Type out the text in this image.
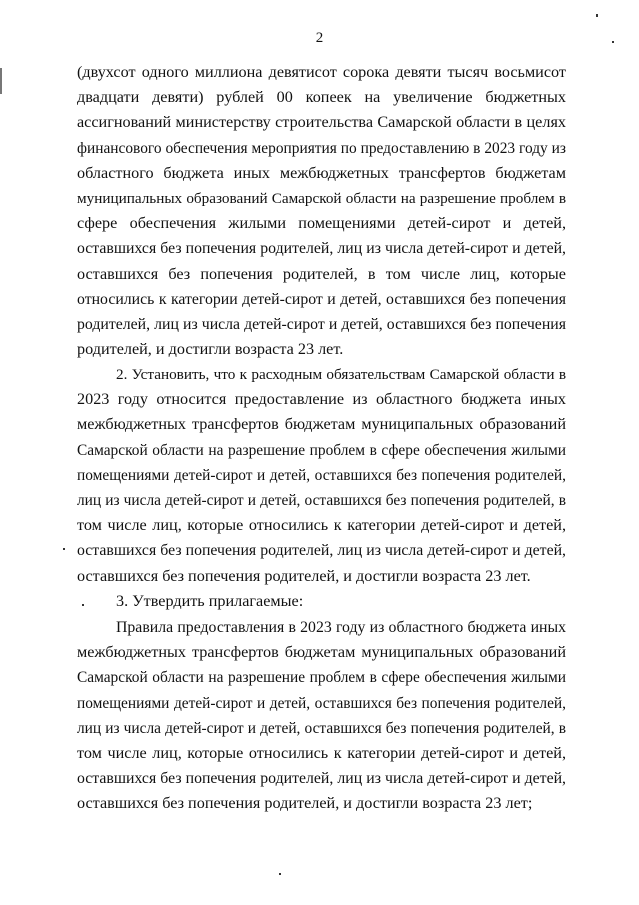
2
(двухсот одного миллиона девятисот сорока девяти тысяч восьмисот
двадцати девяти) рублей 00 копеек на увеличение бюджетных
ассигнований министерству строительства Самарской области в целях
финансового обеспечения мероприятия по предоставлению в 2023 году из
областного бюджета иных межбюджетных трансфертов бюджетам
муниципальных образований Самарской области на разрешение проблем в
сфере обеспечения жилыми помещениями детей-сирот и детей,
оставшихся без попечения родителей, лиц из числа детей-сирот и детей,
оставшихся без попечения родителей, в том числе лиц, которые
относились к категории детей-сирот и детей, оставшихся без попечения
родителей, лиц из числа детей-сирот и детей, оставшихся без попечения
родителей, и достигли возраста 23 лет.
2. Установить, что к расходным обязательствам Самарской области в
2023 году относится предоставление из областного бюджета иных
межбюджетных трансфертов бюджетам муниципальных образований
Самарской области на разрешение проблем в сфере обеспечения жилыми
помещениями детей-сирот и детей, оставшихся без попечения родителей,
лиц из числа детей-сирот и детей, оставшихся без попечения родителей, в
том числе лиц, которые относились к категории детей-сирот и детей,
оставшихся без попечения родителей, лиц из числа детей-сирот и детей,
оставшихся без попечения родителей, и достигли возраста 23 лет.
3. Утвердить прилагаемые:
Правила предоставления в 2023 году из областного бюджета иных
межбюджетных трансфертов бюджетам муниципальных образований
Самарской области на разрешение проблем в сфере обеспечения жилыми
помещениями детей-сирот и детей, оставшихся без попечения родителей,
лиц из числа детей-сирот и детей, оставшихся без попечения родителей, в
том числе лиц, которые относились к категории детей-сирот и детей,
оставшихся без попечения родителей, лиц из числа детей-сирот и детей,
оставшихся без попечения родителей, и достигли возраста 23 лет;
